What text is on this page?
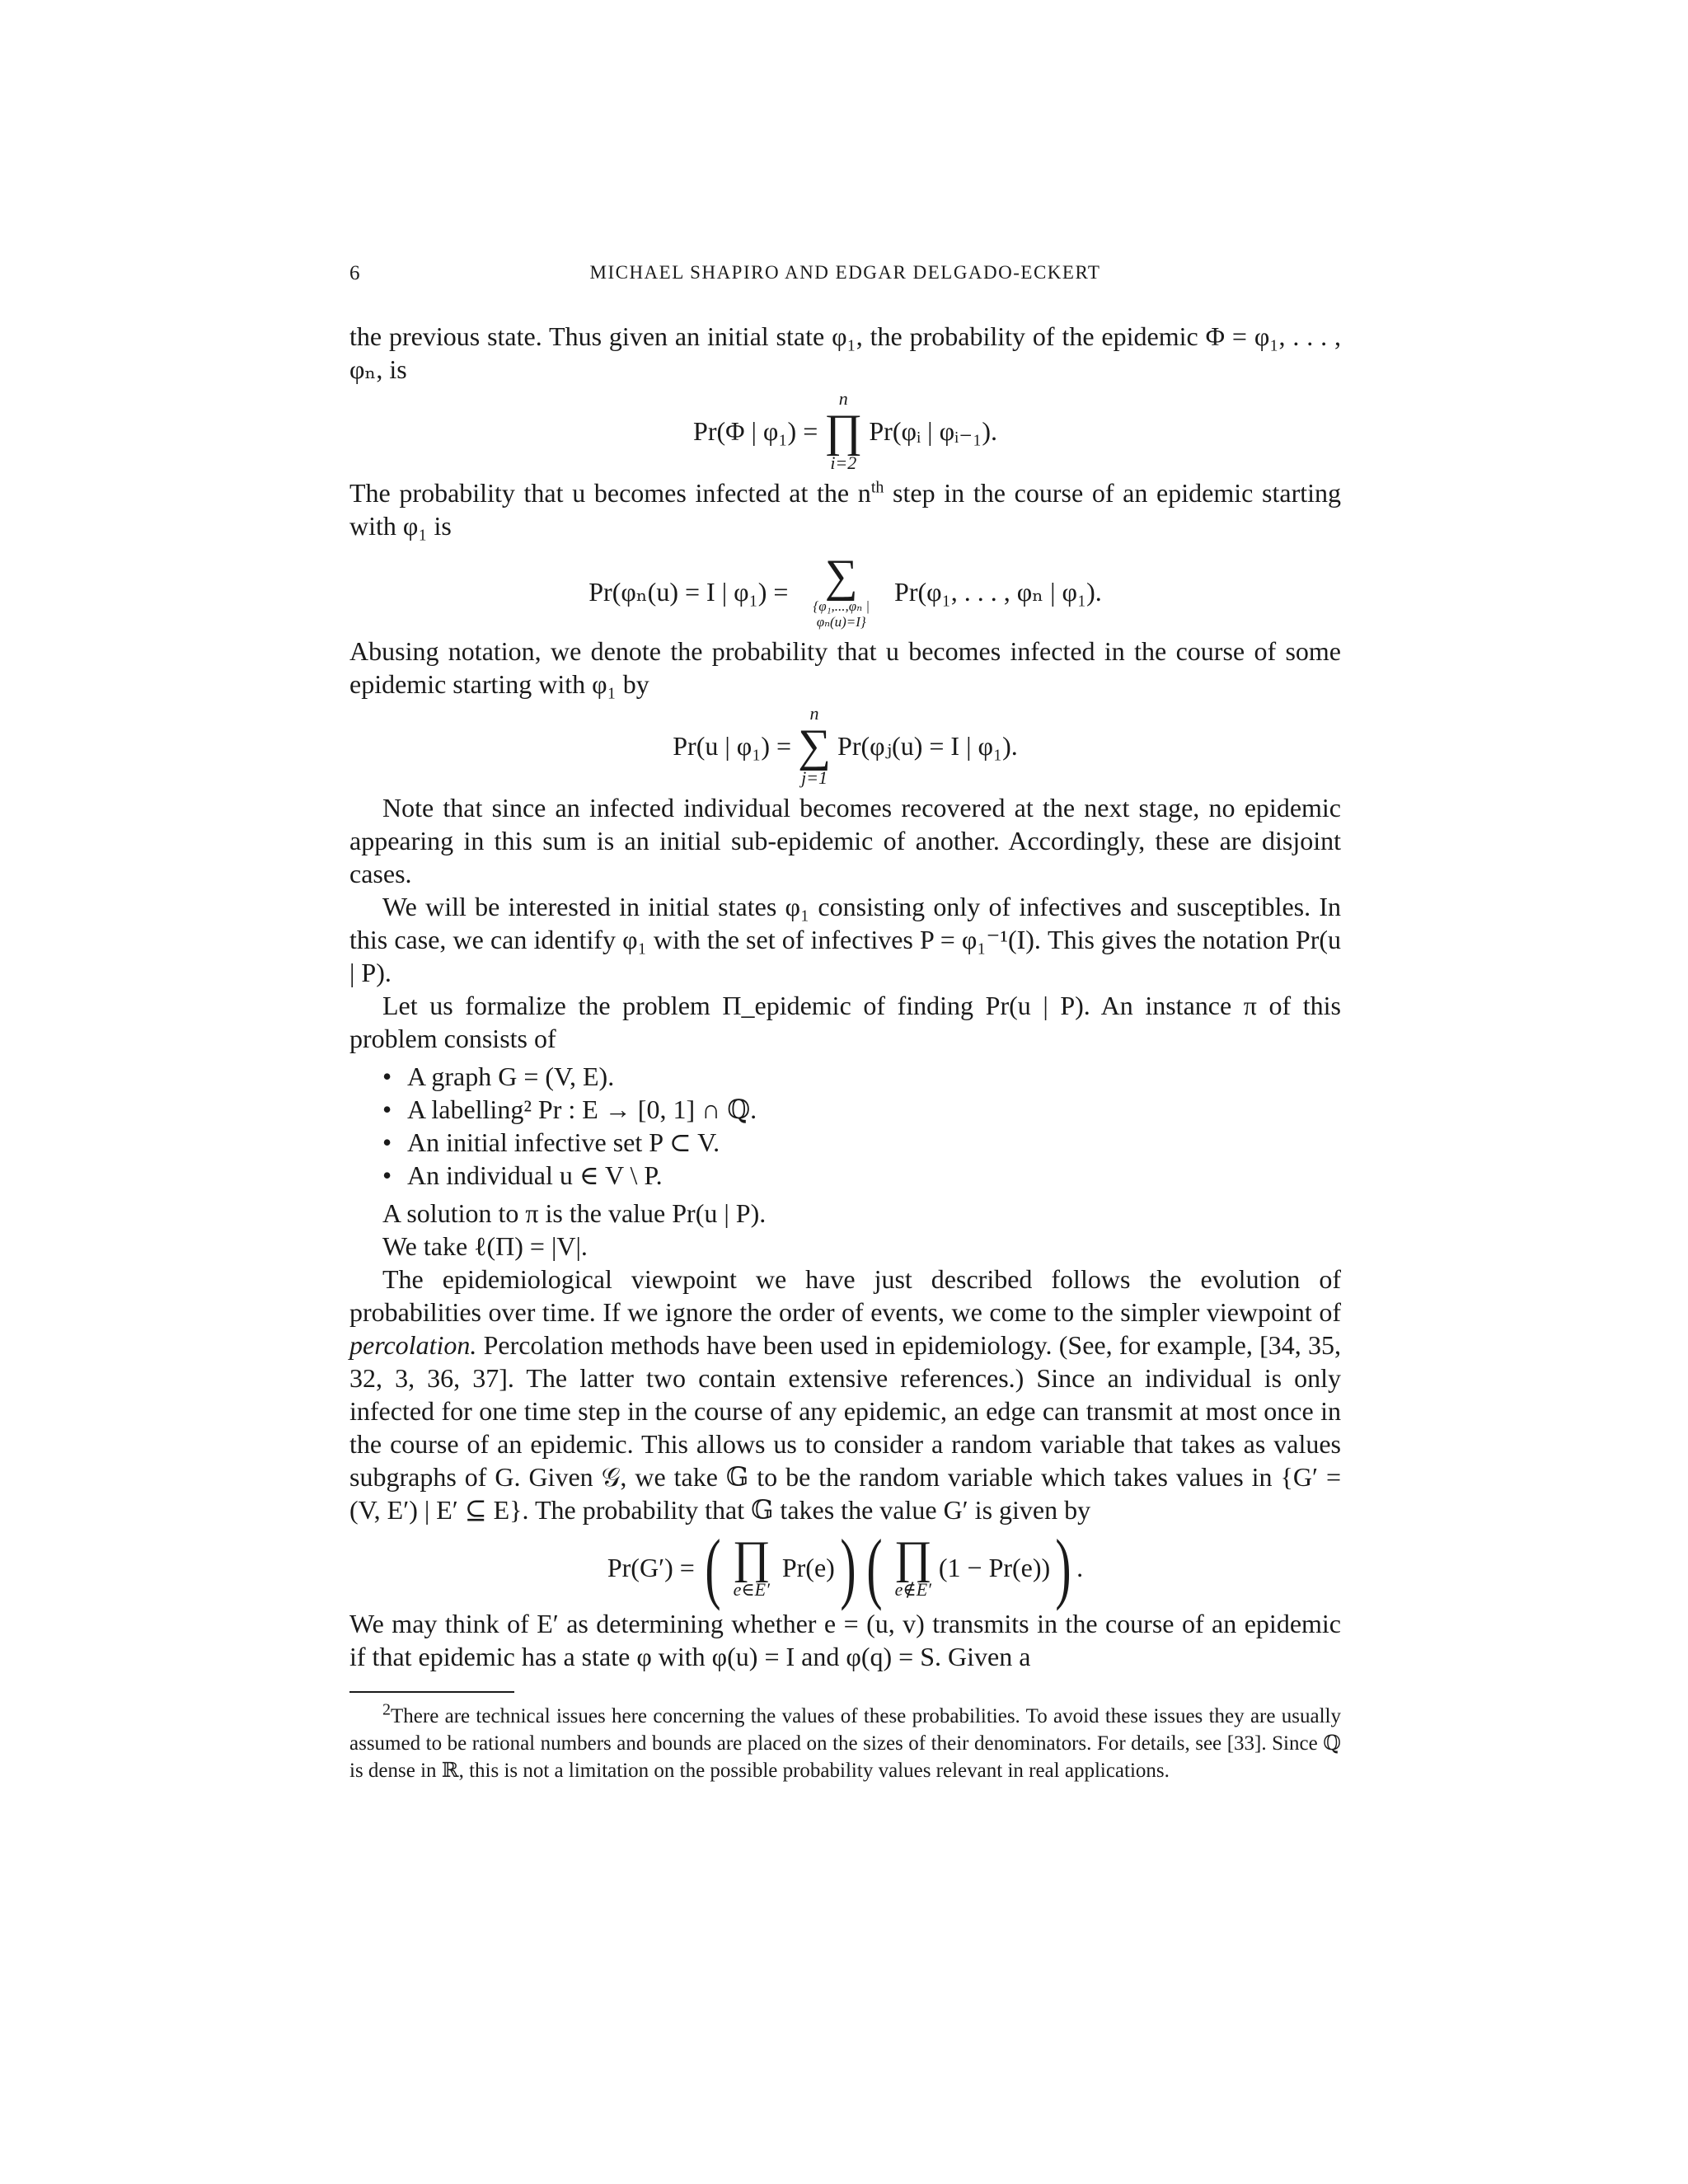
6	MICHAEL SHAPIRO AND EDGAR DELGADO-ECKERT

the previous state. Thus given an initial state φ₁, the probability of the epidemic Φ = φ₁, . . . , φₙ, is

Pr(Φ | φ₁) =
n
∏
i=2
Pr(φᵢ | φᵢ₋₁).

The probability that u becomes infected at the $n^{th}$ step in the course of an epidemic starting with φ₁ is

Pr(φₙ(u) = I | φ₁) = ∑
{φ₁,...,φₙ |
φₙ(u)=I}
Pr(φ₁, . . . , φₙ | φ₁).

Abusing notation, we denote the probability that u becomes infected in the course of some epidemic starting with φ₁ by

Pr(u | φ₁) =
n
∑
j=1
Pr(φⱼ(u) = I | φ₁).

Note that since an infected individual becomes recovered at the next stage, no epidemic appearing in this sum is an initial sub-epidemic of another. Accordingly, these are disjoint cases.

We will be interested in initial states φ₁ consisting only of infectives and susceptibles. In this case, we can identify φ₁ with the set of infectives P = φ₁⁻¹(I). This gives the notation Pr(u | P).

Let us formalize the problem Π_epidemic of finding Pr(u | P). An instance π of this problem consists of

• A graph G = (V, E).
• A labelling² Pr : E → [0, 1] ∩ ℚ.
• An initial infective set P ⊂ V.
• An individual u ∈ V \ P.

A solution to π is the value Pr(u | P).

We take ℓ(Π) = |V|.

The epidemiological viewpoint we have just described follows the evolution of probabilities over time. If we ignore the order of events, we come to the simpler viewpoint of percolation. Percolation methods have been used in epidemiology. (See, for example, [34, 35, 32, 3, 36, 37]. The latter two contain extensive references.) Since an individual is only infected for one time step in the course of any epidemic, an edge can transmit at most once in the course of an epidemic. This allows us to consider a random variable that takes as values subgraphs of G. Given 𝒢, we take 𝔾 to be the random variable which takes values in {G′ = (V, E′) | E′ ⊆ E}. The probability that 𝔾 takes the value G′ is given by

Pr(G′) = ( ∏
e∈E′
Pr(e) ) ( ∏
e∉E′
(1 − Pr(e)) ) .

We may think of E′ as determining whether e = (u, v) transmits in the course of an epidemic if that epidemic has a state φ with φ(u) = I and φ(q) = S. Given a

$^2$There are technical issues here concerning the values of these probabilities. To avoid these issues they are usually assumed to be rational numbers and bounds are placed on the sizes of their denominators. For details, see [33]. Since ℚ is dense in ℝ, this is not a limitation on the possible probability values relevant in real applications.
